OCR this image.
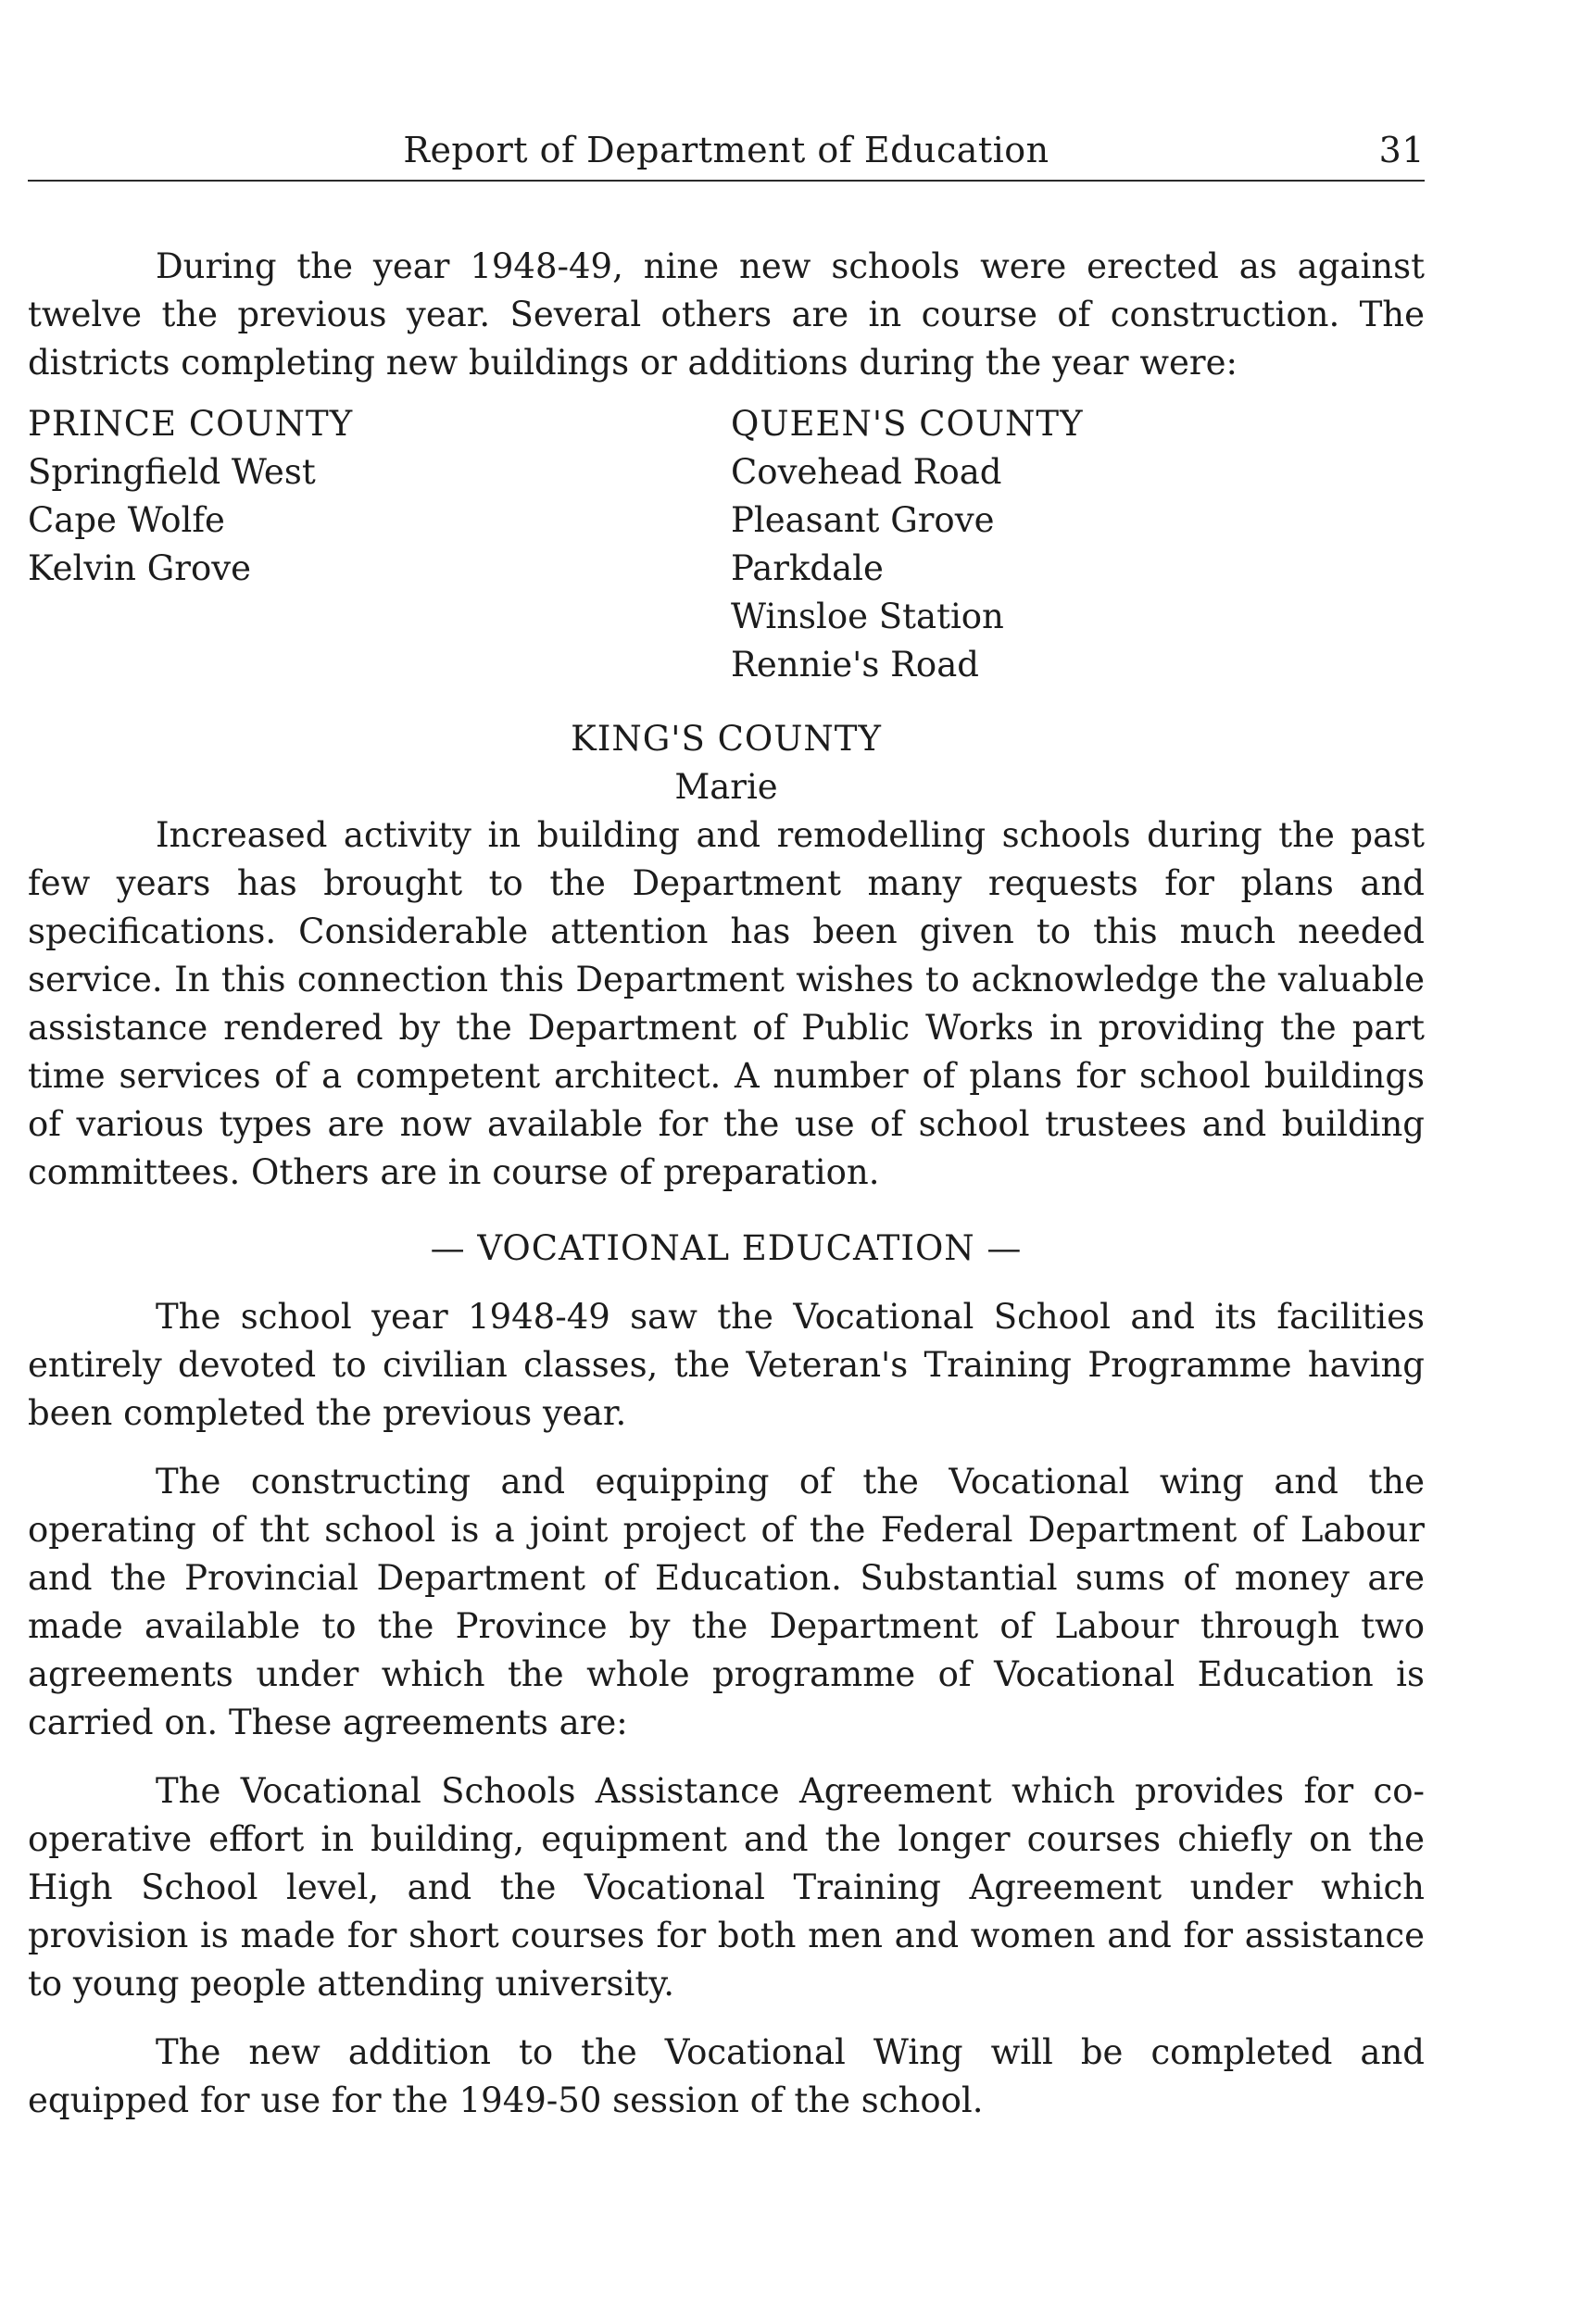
Report of Department of Education	31

During the year 1948-49, nine new schools were erected as against twelve the previous year. Several others are in course of construction. The districts completing new buildings or additions during the year were:

PRINCE COUNTY
Springfield West
Cape Wolfe
Kelvin Grove
QUEEN'S COUNTY
Covehead Road
Pleasant Grove
Parkdale
Winsloe Station
Rennie's Road
KING'S COUNTY
Marie

Increased activity in building and remodelling schools during the past few years has brought to the Department many requests for plans and specifications. Considerable attention has been given to this much needed service. In this connection this Department wishes to acknowledge the valuable assistance rendered by the Department of Public Works in providing the part time services of a competent architect. A number of plans for school buildings of various types are now available for the use of school trustees and building committees. Others are in course of preparation.

— VOCATIONAL EDUCATION —

The school year 1948-49 saw the Vocational School and its facilities entirely devoted to civilian classes, the Veteran's Training Programme having been completed the previous year.

The constructing and equipping of the Vocational wing and the operating of tht school is a joint project of the Federal Department of Labour and the Provincial Department of Education. Substantial sums of money are made available to the Province by the Department of Labour through two agreements under which the whole programme of Vocational Education is carried on. These agreements are:

The Vocational Schools Assistance Agreement which provides for co-operative effort in building, equipment and the longer courses chiefly on the High School level, and the Vocational Training Agreement under which provision is made for short courses for both men and women and for assistance to young people attending university.

The new addition to the Vocational Wing will be completed and equipped for use for the 1949-50 session of the school.
